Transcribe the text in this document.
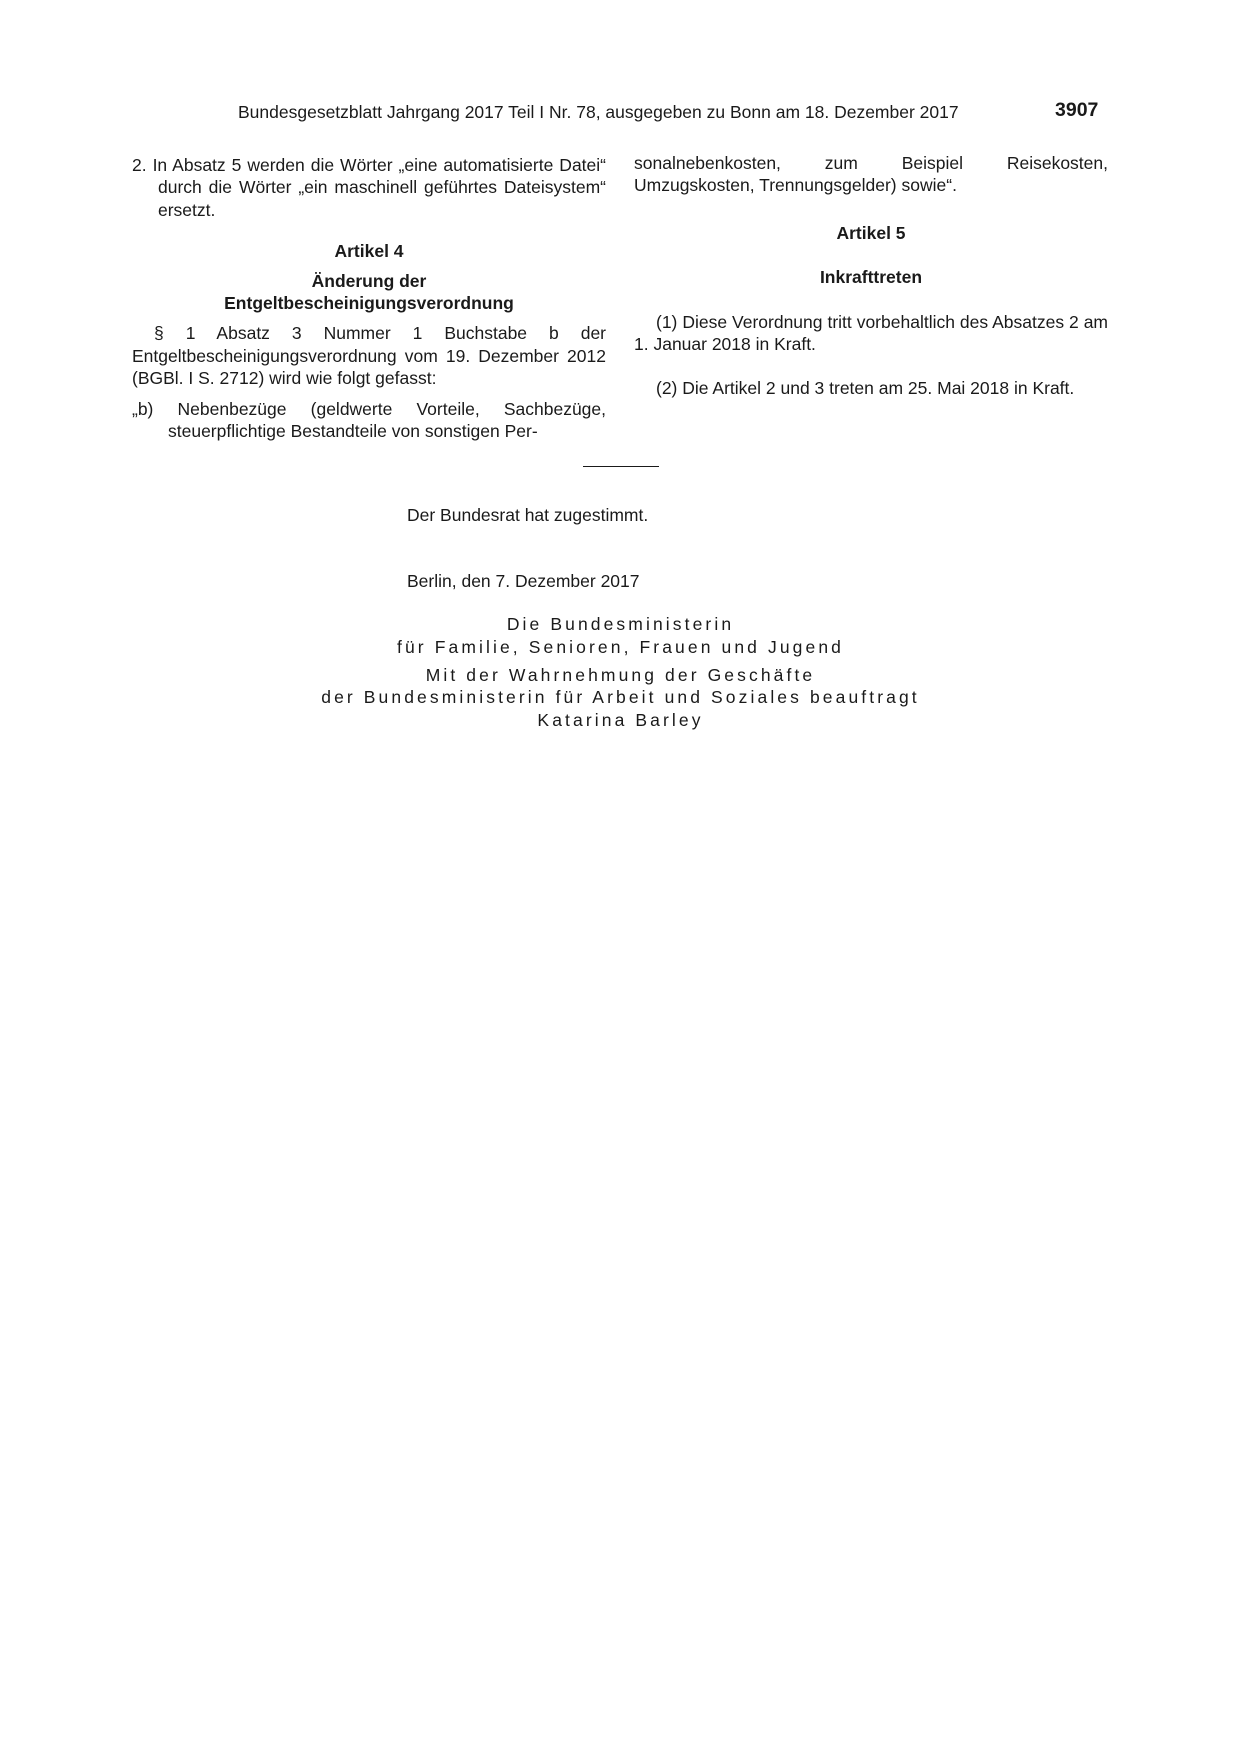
Bundesgesetzblatt Jahrgang 2017 Teil I Nr. 78, ausgegeben zu Bonn am 18. Dezember 2017	3907

2. In Absatz 5 werden die Wörter „eine automatisierte Datei“ durch die Wörter „ein maschinell geführtes Dateisystem“ ersetzt.

Artikel 4

Änderung der

Entgeltbescheinigungsverordnung

§ 1 Absatz 3 Nummer 1 Buchstabe b der Entgeltbescheinigungsverordnung vom 19. Dezember 2012 (BGBl. I S. 2712) wird wie folgt gefasst:

„b) Nebenbezüge (geldwerte Vorteile, Sachbezüge, steuerpflichtige Bestandteile von sonstigen Per-

sonalnebenkosten, zum Beispiel Reisekosten, Umzugskosten, Trennungsgelder) sowie“.

Artikel 5

Inkrafttreten

(1) Diese Verordnung tritt vorbehaltlich des Absatzes 2 am 1. Januar 2018 in Kraft.

(2) Die Artikel 2 und 3 treten am 25. Mai 2018 in Kraft.

Der Bundesrat hat zugestimmt.
Berlin, den 7. Dezember 2017
Die Bundesministerin
für Familie, Senioren, Frauen und Jugend
Mit der Wahrnehmung der Geschäfte
der Bundesministerin für Arbeit und Soziales beauftragt
Katarina Barley
